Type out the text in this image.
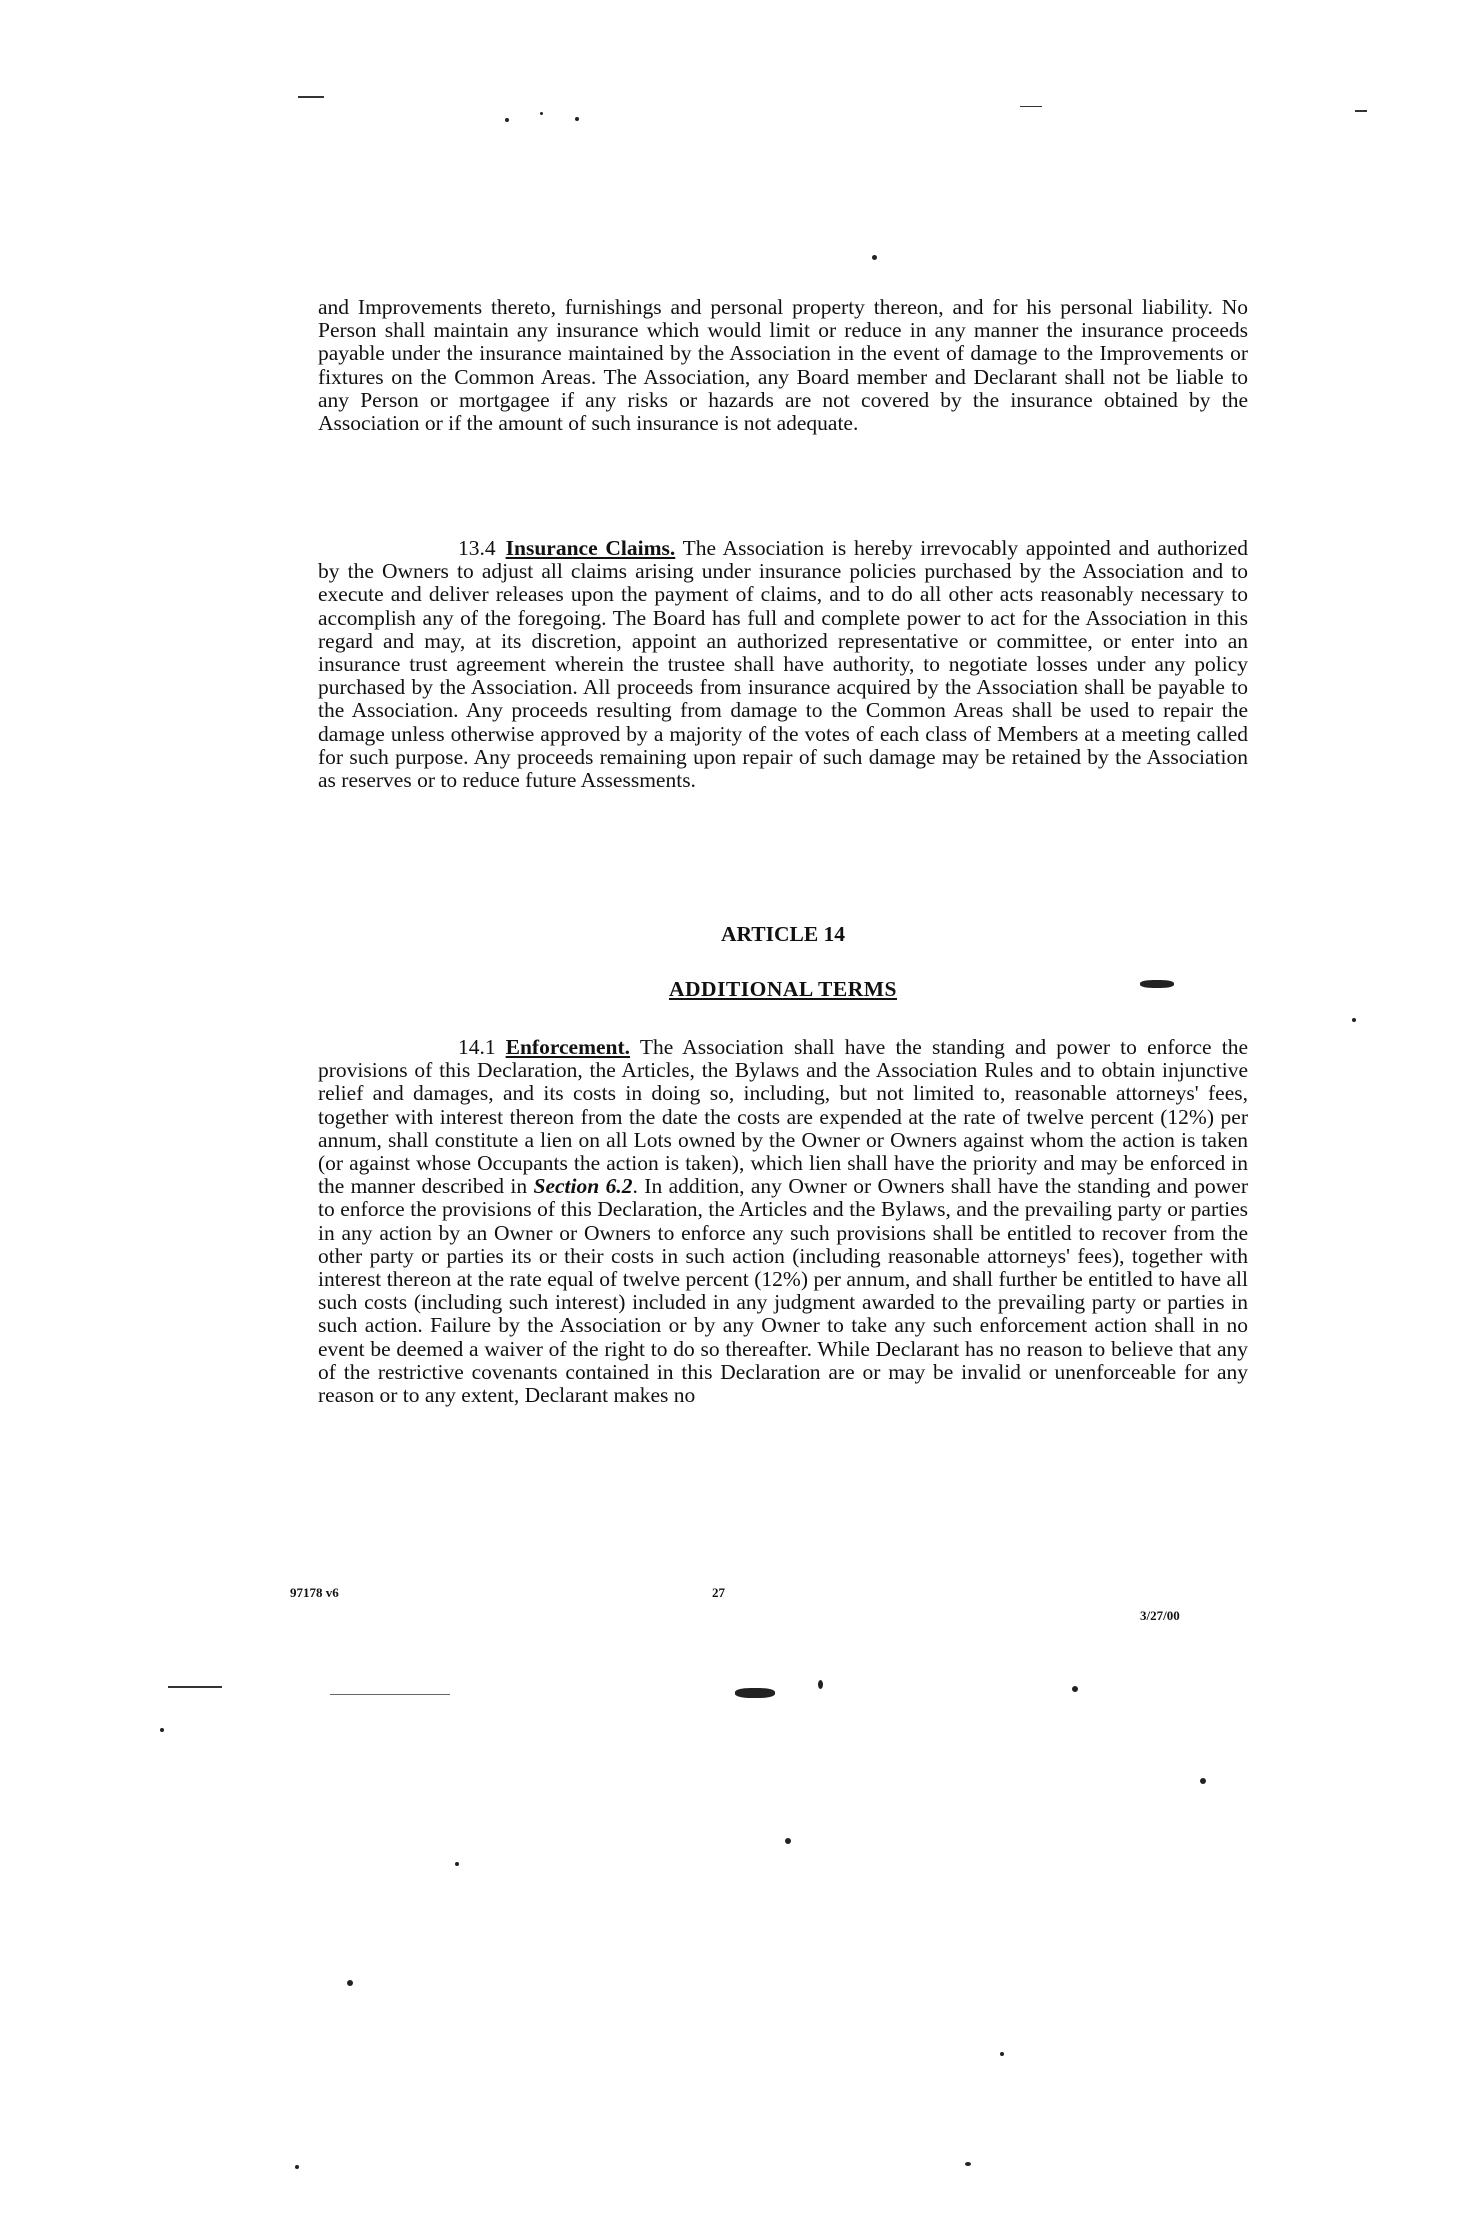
and Improvements thereto, furnishings and personal property thereon, and for his personal liability. No Person shall maintain any insurance which would limit or reduce in any manner the insurance proceeds payable under the insurance maintained by the Association in the event of damage to the Improvements or fixtures on the Common Areas. The Association, any Board member and Declarant shall not be liable to any Person or mortgagee if any risks or hazards are not covered by the insurance obtained by the Association or if the amount of such insurance is not adequate.

13.4 Insurance Claims. The Association is hereby irrevocably appointed and authorized by the Owners to adjust all claims arising under insurance policies purchased by the Association and to execute and deliver releases upon the payment of claims, and to do all other acts reasonably necessary to accomplish any of the foregoing. The Board has full and complete power to act for the Association in this regard and may, at its discretion, appoint an authorized representative or committee, or enter into an insurance trust agreement wherein the trustee shall have authority, to negotiate losses under any policy purchased by the Association. All proceeds from insurance acquired by the Association shall be payable to the Association. Any proceeds resulting from damage to the Common Areas shall be used to repair the damage unless otherwise approved by a majority of the votes of each class of Members at a meeting called for such purpose. Any proceeds remaining upon repair of such damage may be retained by the Association as reserves or to reduce future Assessments.

ARTICLE 14
ADDITIONAL TERMS

14.1 Enforcement. The Association shall have the standing and power to enforce the provisions of this Declaration, the Articles, the Bylaws and the Association Rules and to obtain injunctive relief and damages, and its costs in doing so, including, but not limited to, reasonable attorneys' fees, together with interest thereon from the date the costs are expended at the rate of twelve percent (12%) per annum, shall constitute a lien on all Lots owned by the Owner or Owners against whom the action is taken (or against whose Occupants the action is taken), which lien shall have the priority and may be enforced in the manner described in Section 6.2. In addition, any Owner or Owners shall have the standing and power to enforce the provisions of this Declaration, the Articles and the Bylaws, and the prevailing party or parties in any action by an Owner or Owners to enforce any such provisions shall be entitled to recover from the other party or parties its or their costs in such action (including reasonable attorneys' fees), together with interest thereon at the rate equal of twelve percent (12%) per annum, and shall further be entitled to have all such costs (including such interest) included in any judgment awarded to the prevailing party or parties in such action. Failure by the Association or by any Owner to take any such enforcement action shall in no event be deemed a waiver of the right to do so thereafter. While Declarant has no reason to believe that any of the restrictive covenants contained in this Declaration are or may be invalid or unenforceable for any reason or to any extent, Declarant makes no

97178 v6	27
3/27/00
